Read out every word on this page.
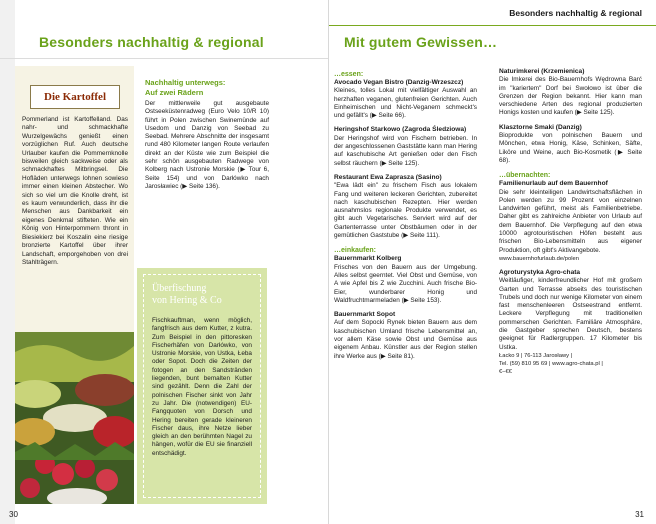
Besonders nachhaltig & regional
Die Kartoffel
Pommerland ist Kartoffelland. Das nahr- und schmackhafte Wurzelgewächs genießt einen vorzüglichen Ruf. Auch deutsche Urlauber kaufen die Pommernknolle bisweilen gleich sackweise oder als schmackhaftes Mitbringsel. Die Hofläden unterwegs lohnen sowieso immer einen kleinen Abstecher. Wo sich so viel um die Knolle dreht, ist es kaum verwunderlich, dass ihr die Menschen aus Dankbarkeit ein eigenes Denkmal stifteten. Wie ein König von Hinterpommern thront in Biesiekierz bei Koszalin eine riesige bronzierte Kartoffel über ihrer Landschaft, emporgehoben von drei Stahlträgern.
Nachhaltig unterwegs:
Auf zwei Rädern
Der mittlerweile gut ausgebaute Ostseeküstenradweg (Euro Velo 10/R 10) führt in Polen zwischen Swinemünde auf Usedom und Danzig von Seebad zu Seebad. Mehrere Abschnitte der insgesamt rund 480 Kilometer langen Route verlaufen direkt an der Küste wie zum Beispiel die sehr schön ausgebauten Radwege von Kolberg nach Ustronie Morskie (▶ Tour 6, Seite 154) und von Darłówko nach Jarosławiec (▶ Seite 136).
Überfischung
von Hering & Co
Fischkauftman, wenn möglich, fangfrisch aus dem Kutter, z kutra. Zum Beispiel in den pittoresken Fischerhäfen von Darłówko, von Ustronie Morskie, von Ustka, Łeba oder Sopot. Doch die Zeiten der fotogen an den Sandstränden liegenden, bunt bemalten Kutter sind gezählt. Denn die Zahl der polnischen Fischer sinkt von Jahr zu Jahr. Die (notwendigen) EU-Fangquoten von Dorsch und Hering bereiten gerade kleineren Fischer daus, ihre Netze lieber gleich an den berühmten Nagel zu hängen, wofür die EU sie finanziell entschädigt.
30
Besonders nachhaltig & regional
Mit gutem Gewissen…
…essen:
Avocado Vegan Bistro (Danzig-Wrzeszcz)
Kleines, tolles Lokal mit vielfältiger Auswahl an herzhaften veganen, glutenfreien Gerichten. Auch Einheimischen und Nicht-Veganern schmeckt's und gefällt's (▶ Seite 66).
Heringshof Starkowo (Zagroda Śledziowa)
Der Heringshof wird von Fischern betrieben. In der angeschlossenen Gaststätte kann man Hering auf kaschubische Art genießen oder den Fisch selbst räuchern (▶ Seite 125).
Restaurant Ewa Zaprasza (Sasino)
"Ewa lädt ein" zu frischem Fisch aus lokalem Fang und weiteren leckeren Gerichten, zubereitet nach kaschubischen Rezepten. Hier werden ausnahmslos regionale Produkte verwendet, es gibt auch Vegetarisches. Serviert wird auf der Gartenterrasse unter Obstbäumen oder in der gemütlichen Gaststube (▶ Seite 111).
…einkaufen:
Bauernmarkt Kolberg
Frisches von den Bauern aus der Umgebung. Alles selbst geerntet. Viel Obst und Gemüse, von A wie Apfel bis Z wie Zucchini. Auch frische Bio-Eier, wunderbarer Honig und Waldfruchtmarmeladen (▶ Seite 153).
Bauernmarkt Sopot
Auf dem Sopocki Rynek bieten Bauern aus dem kaschubischen Umland frische Lebensmittel an, vor allem Käse sowie Obst und Gemüse aus eigenem Anbau. Künstler aus der Region stellen ihre Werke aus (▶ Seite 81).
Naturimkerei (Krzemienica)
Die Imkerei des Bio-Bauernhofs Wędrowna Barć im "kariertem" Dorf bei Swołowo ist über die Grenzen der Region bekannt. Hier kann man verschiedene Arten des regional produzierten Honigs kosten und kaufen (▶ Seite 125).
Klasztorne Smaki (Danzig)
Bioprodukte von polnischen Bauern und Mönchen, etwa Honig, Käse, Schinken, Säfte, Liköre und Weine, auch Bio-Kosmetik (▶ Seite 68).
…übernachten:
Familienurlaub auf dem Bauernhof
Die sehr kleinteiligen Landwirtschaftsflächen in Polen werden zu 99 Prozent von einzelnen Landwirten geführt, meist als Familienbetriebe. Daher gibt es zahlreiche Anbieter von Urlaub auf dem Bauernhof. Die Verpflegung auf den etwa 10000 agrotouristischen Höfen besteht aus frischen Bio-Lebensmitteln aus eigener Produktion, oft gibt's Aktivangebote.
www.bauernhofurlaub.de/polen
Agroturystyka Agro-chata
Weitläufiger, kinderfreundlicher Hof mit großem Garten und Terrasse abseits des touristischen Trubels und doch nur wenige Kilometer von einem fast menschenleeren Ostseestrand entfernt. Leckere Verpflegung mit traditionellen pommerschen Gerichten. Familiäre Atmosphäre, die Gastgeber sprechen Deutsch, bestens geeignet für Radlergruppen. 17 Kilometer bis Ustka.
Łacko 9 | 76-113 Jarosławy |
Tel. (59) 810 95 69 | www.agro-chata.pl |
€–€€
31
